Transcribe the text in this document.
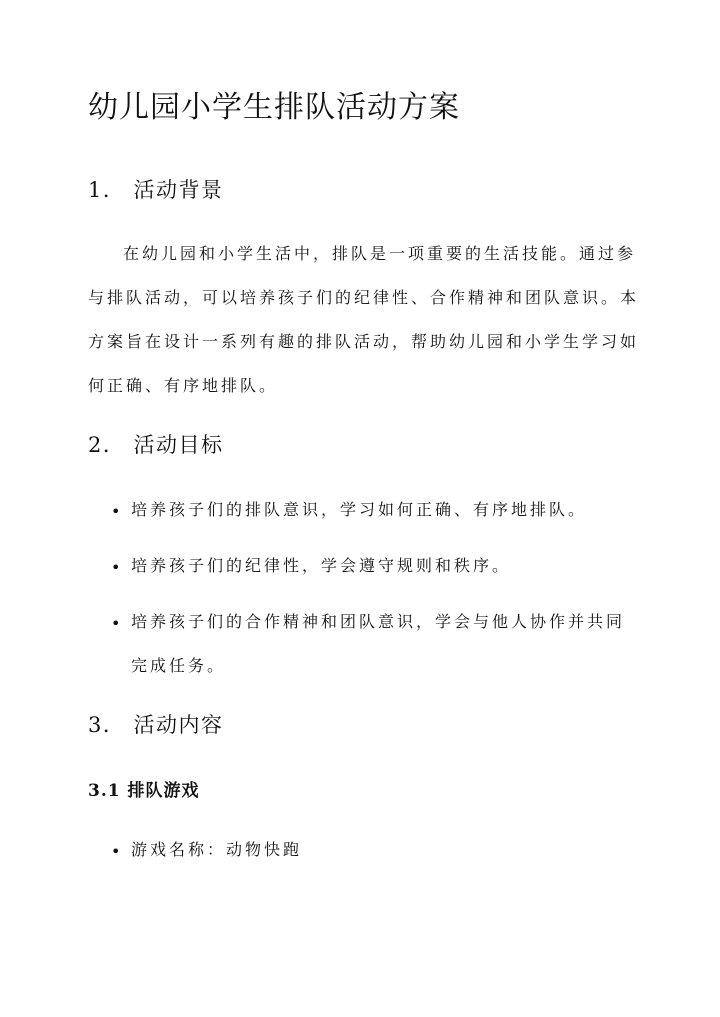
幼儿园小学生排队活动方案
1． 活动背景
在幼儿园和小学生活中，排队是一项重要的生活技能。通过参
与排队活动，可以培养孩子们的纪律性、合作精神和团队意识。本
方案旨在设计一系列有趣的排队活动，帮助幼儿园和小学生学习如
何正确、有序地排队。
2． 活动目标
• 培养孩子们的排队意识，学习如何正确、有序地排队。
• 培养孩子们的纪律性，学会遵守规则和秩序。
• 培养孩子们的合作精神和团队意识，学会与他人协作并共同
完成任务。
3． 活动内容
3.1 排队游戏
• 游戏名称：动物快跑
